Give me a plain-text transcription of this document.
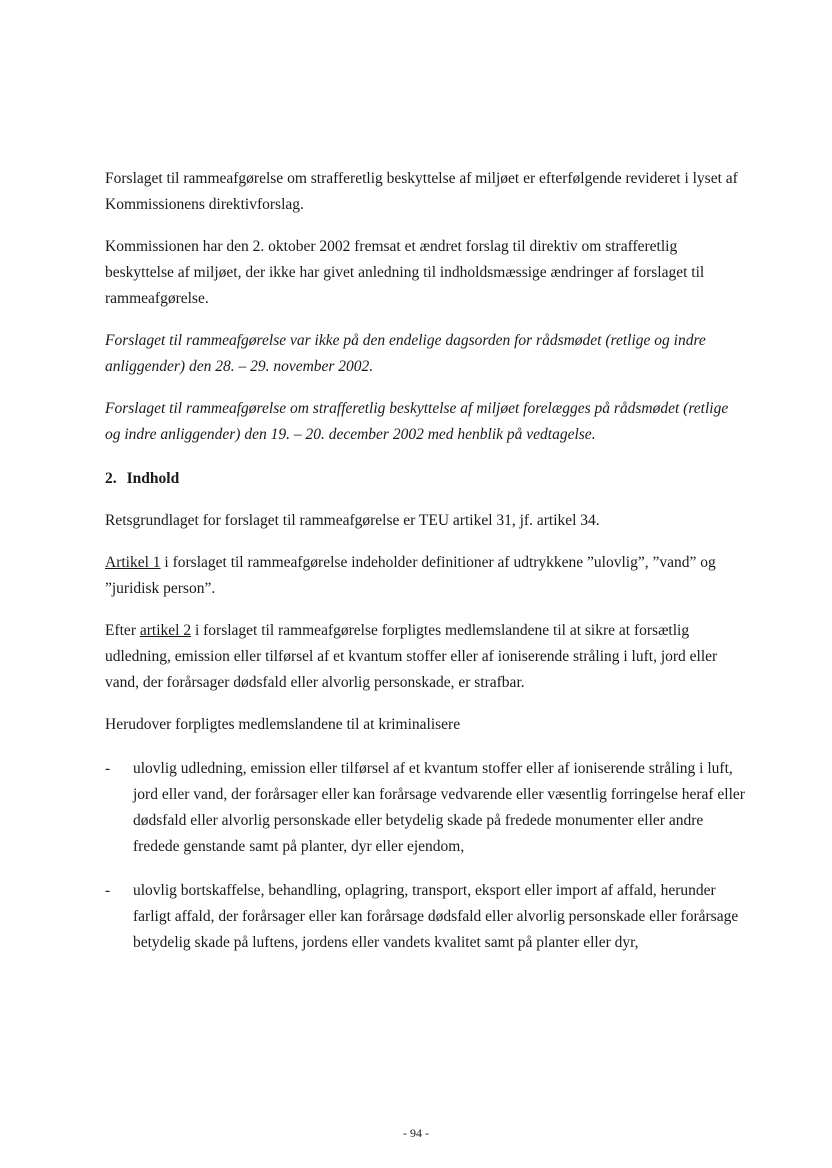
Forslaget til rammeafgørelse om strafferetlig beskyttelse af miljøet er efterfølgende revideret i lyset af Kommissionens direktivforslag.

Kommissionen har den 2. oktober 2002 fremsat et ændret forslag til direktiv om strafferetlig beskyttelse af miljøet, der ikke har givet anledning til indholdsmæssige ændringer af forslaget til rammeafgørelse.

Forslaget til rammeafgørelse var ikke på den endelige dagsorden for rådsmødet (retlige og indre anliggender) den 28. – 29. november 2002.

Forslaget til rammeafgørelse om strafferetlig beskyttelse af miljøet forelægges på rådsmødet (retlige og indre anliggender) den 19. – 20. december 2002 med henblik på vedtagelse.

2. Indhold

Retsgrundlaget for forslaget til rammeafgørelse er TEU artikel 31, jf. artikel 34.

Artikel 1 i forslaget til rammeafgørelse indeholder definitioner af udtrykkene ”ulovlig”, ”vand” og ”juridisk person”.

Efter artikel 2 i forslaget til rammeafgørelse forpligtes medlemslandene til at sikre at forsætlig udledning, emission eller tilførsel af et kvantum stoffer eller af ioniserende stråling i luft, jord eller vand, der forårsager dødsfald eller alvorlig personskade, er strafbar.

Herudover forpligtes medlemslandene til at kriminalisere

- ulovlig udledning, emission eller tilførsel af et kvantum stoffer eller af ioniserende stråling i luft, jord eller vand, der forårsager eller kan forårsage vedvarende eller væsentlig forringelse heraf eller dødsfald eller alvorlig personskade eller betydelig skade på fredede monumenter eller andre fredede genstande samt på planter, dyr eller ejendom,

- ulovlig bortskaffelse, behandling, oplagring, transport, eksport eller import af affald, herunder farligt affald, der forårsager eller kan forårsage dødsfald eller alvorlig personskade eller forårsage betydelig skade på luftens, jordens eller vandets kvalitet samt på planter eller dyr,

- 94 -
